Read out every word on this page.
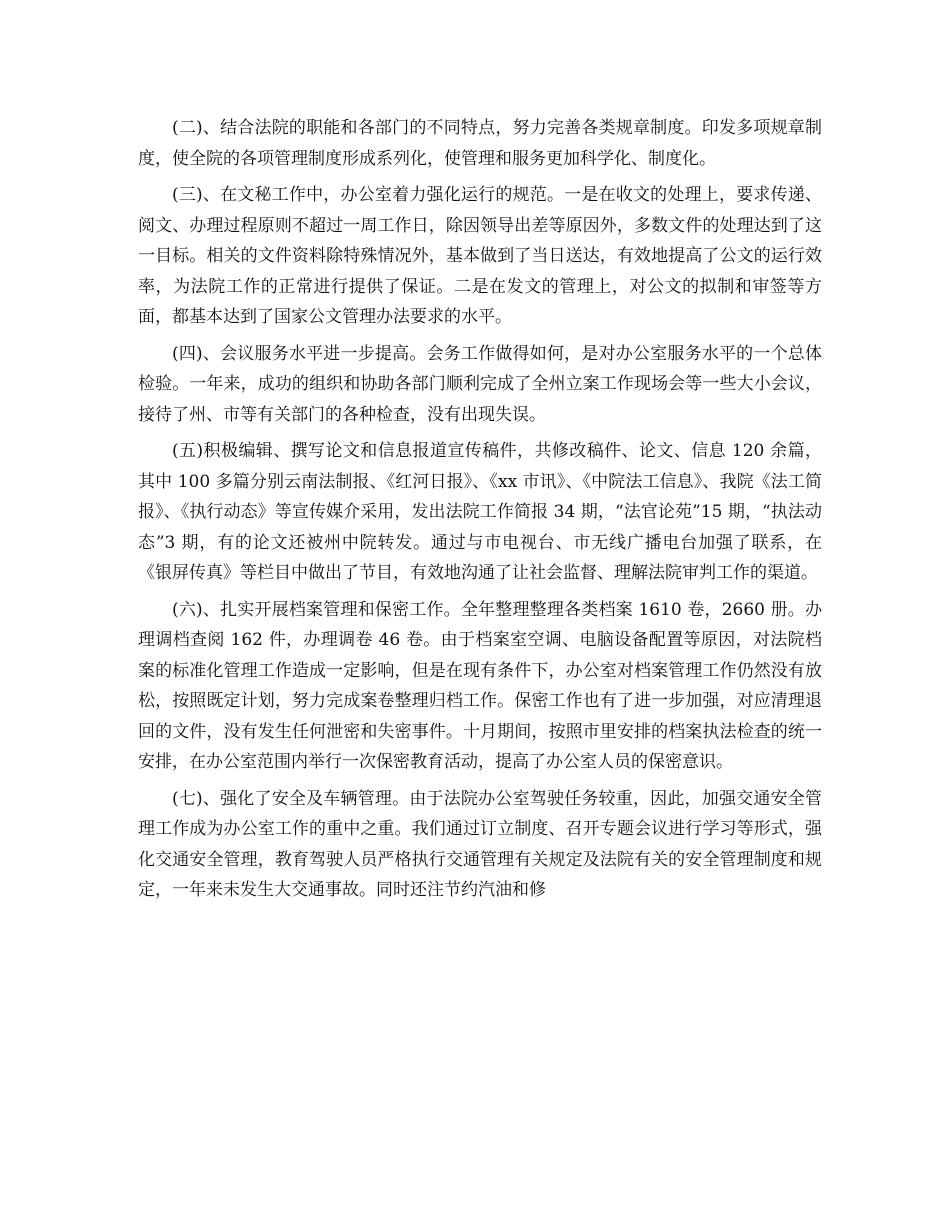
(二)、结合法院的职能和各部门的不同特点，努力完善各类规章制度。印发多项规章制度，使全院的各项管理制度形成系列化，使管理和服务更加科学化、制度化。

(三)、在文秘工作中，办公室着力强化运行的规范。一是在收文的处理上，要求传递、阅文、办理过程原则不超过一周工作日，除因领导出差等原因外，多数文件的处理达到了这一目标。相关的文件资料除特殊情况外，基本做到了当日送达，有效地提高了公文的运行效率，为法院工作的正常进行提供了保证。二是在发文的管理上，对公文的拟制和审签等方面，都基本达到了国家公文管理办法要求的水平。

(四)、会议服务水平进一步提高。会务工作做得如何，是对办公室服务水平的一个总体检验。一年来，成功的组织和协助各部门顺利完成了全州立案工作现场会等一些大小会议，接待了州、市等有关部门的各种检查，没有出现失误。

(五)积极编辑、撰写论文和信息报道宣传稿件，共修改稿件、论文、信息 120 余篇，其中 100 多篇分别云南法制报、《红河日报》、《xx 市讯》、《中院法工信息》、我院《法工简报》、《执行动态》等宣传媒介采用，发出法院工作简报 34 期，“法官论苑”15 期，“执法动态”3 期，有的论文还被州中院转发。通过与市电视台、市无线广播电台加强了联系，在《银屏传真》等栏目中做出了节目，有效地沟通了让社会监督、理解法院审判工作的渠道。

(六)、扎实开展档案管理和保密工作。全年整理整理各类档案 1610 卷，2660 册。办理调档查阅 162 件，办理调卷 46 卷。由于档案室空调、电脑设备配置等原因，对法院档案的标准化管理工作造成一定影响，但是在现有条件下，办公室对档案管理工作仍然没有放松，按照既定计划，努力完成案卷整理归档工作。保密工作也有了进一步加强，对应清理退回的文件，没有发生任何泄密和失密事件。十月期间，按照市里安排的档案执法检查的统一安排，在办公室范围内举行一次保密教育活动，提高了办公室人员的保密意识。

(七)、强化了安全及车辆管理。由于法院办公室驾驶任务较重，因此，加强交通安全管理工作成为办公室工作的重中之重。我们通过订立制度、召开专题会议进行学习等形式，强化交通安全管理，教育驾驶人员严格执行交通管理有关规定及法院有关的安全管理制度和规定，一年来未发生大交通事故。同时还注节约汽油和修
